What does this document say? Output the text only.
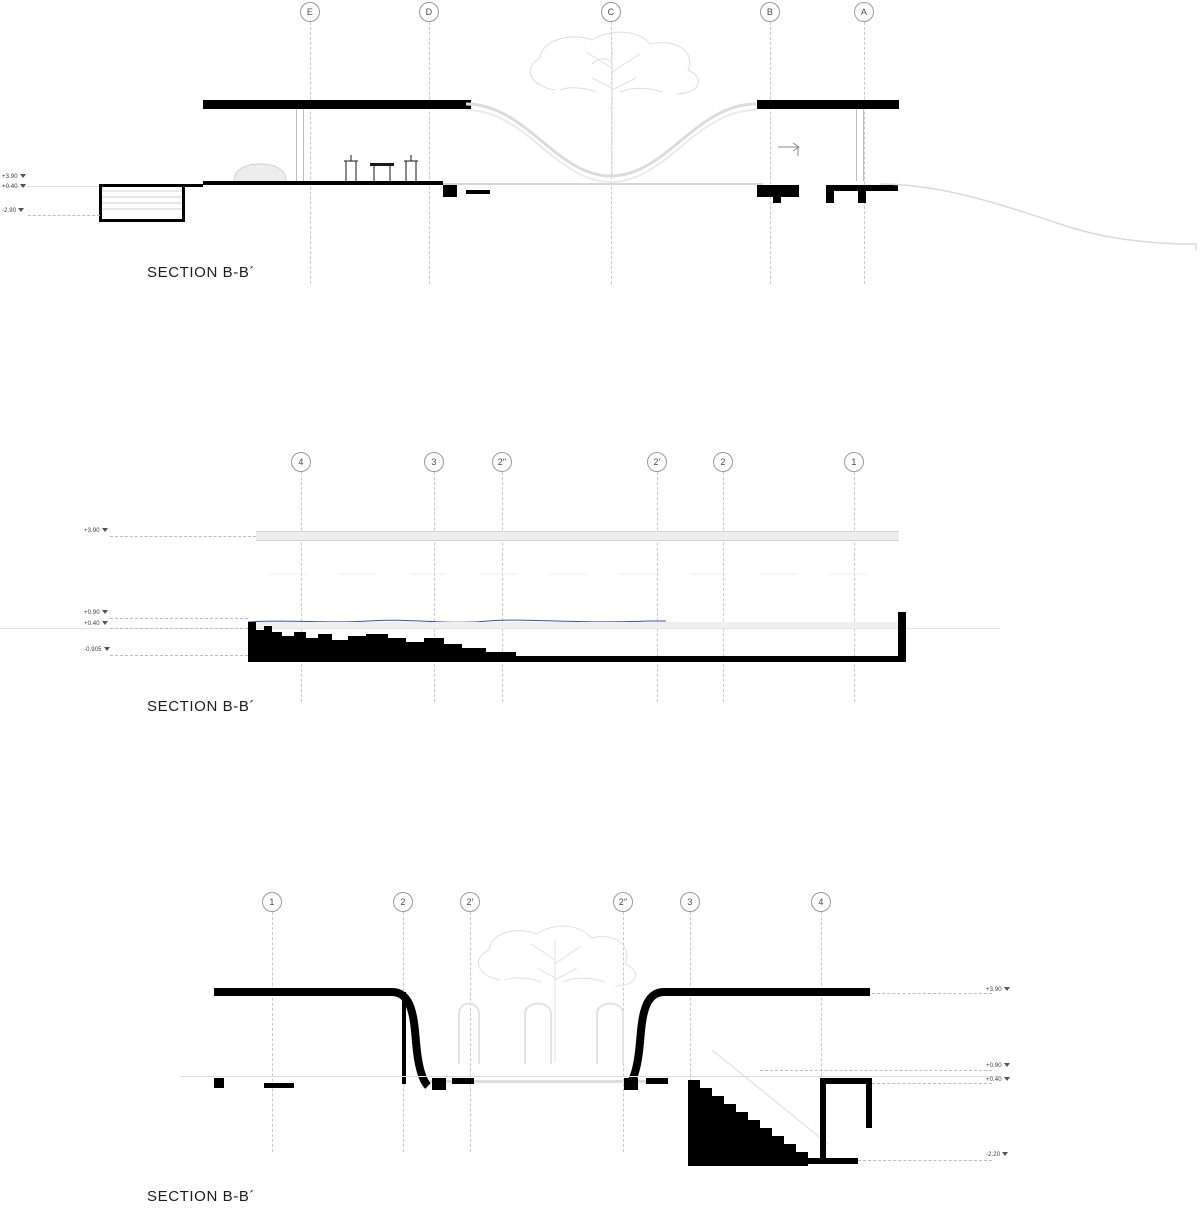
E	D	C	B	A
+3.90
+0.40
-2.90
SECTION B-B´
4	3	2″	2′	2	1
+3.90
+0.90
+0.40
-0.905
SECTION B-B´
1	2	2′	2″	3	4
+3.90
+0.90
+0.40
-2.20
SECTION B-B´
